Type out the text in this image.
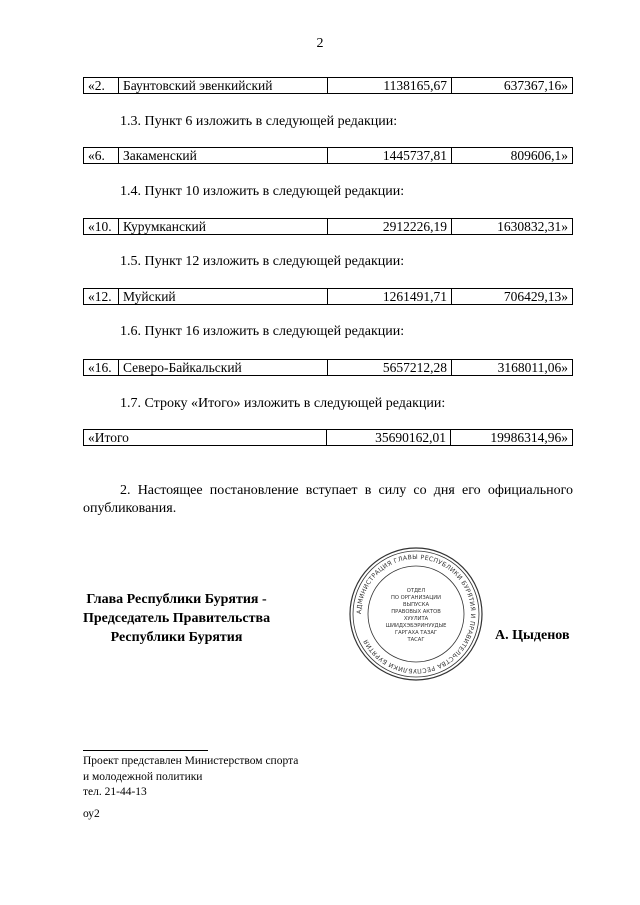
2
«2.	Баунтовский эвенкийский	1138165,67	637367,16»
1.3. Пункт 6 изложить в следующей редакции:
«6.	Закаменский	1445737,81	809606,1»
1.4. Пункт 10 изложить в следующей редакции:
«10.	Курумканский	2912226,19	1630832,31»
1.5. Пункт 12 изложить в следующей редакции:
«12.	Муйский	1261491,71	706429,13»
1.6. Пункт 16 изложить в следующей редакции:
«16.	Северо-Байкальский	5657212,28	3168011,06»
1.7. Строку «Итого» изложить в следующей редакции:
«Итого	35690162,01	19986314,96»
2. Настоящее постановление вступает в силу со дня его официального опубликования.
Глава Республики Бурятия -
Председатель Правительства
Республики Бурятия
АДМИНИСТРАЦИЯ ГЛАВЫ РЕСПУБЛИКИ БУРЯТИЯ И ПРАВИТЕЛЬСТВА РЕСПУБЛИКИ БУРЯТИЯ
ОТДЕЛ
ПО ОРГАНИЗАЦИИ
ВЫПУСКА
ПРАВОВЫХ АКТОВ
ХУУЛИТА
ШИИДХЭБЭРИНУУДЫЕ
ГАРГАХА ТАЗАГ
ТАСАГ	А. Цыденов
Проект представлен Министерством спорта
и молодежной политики
тел. 21-44-13
оу2
